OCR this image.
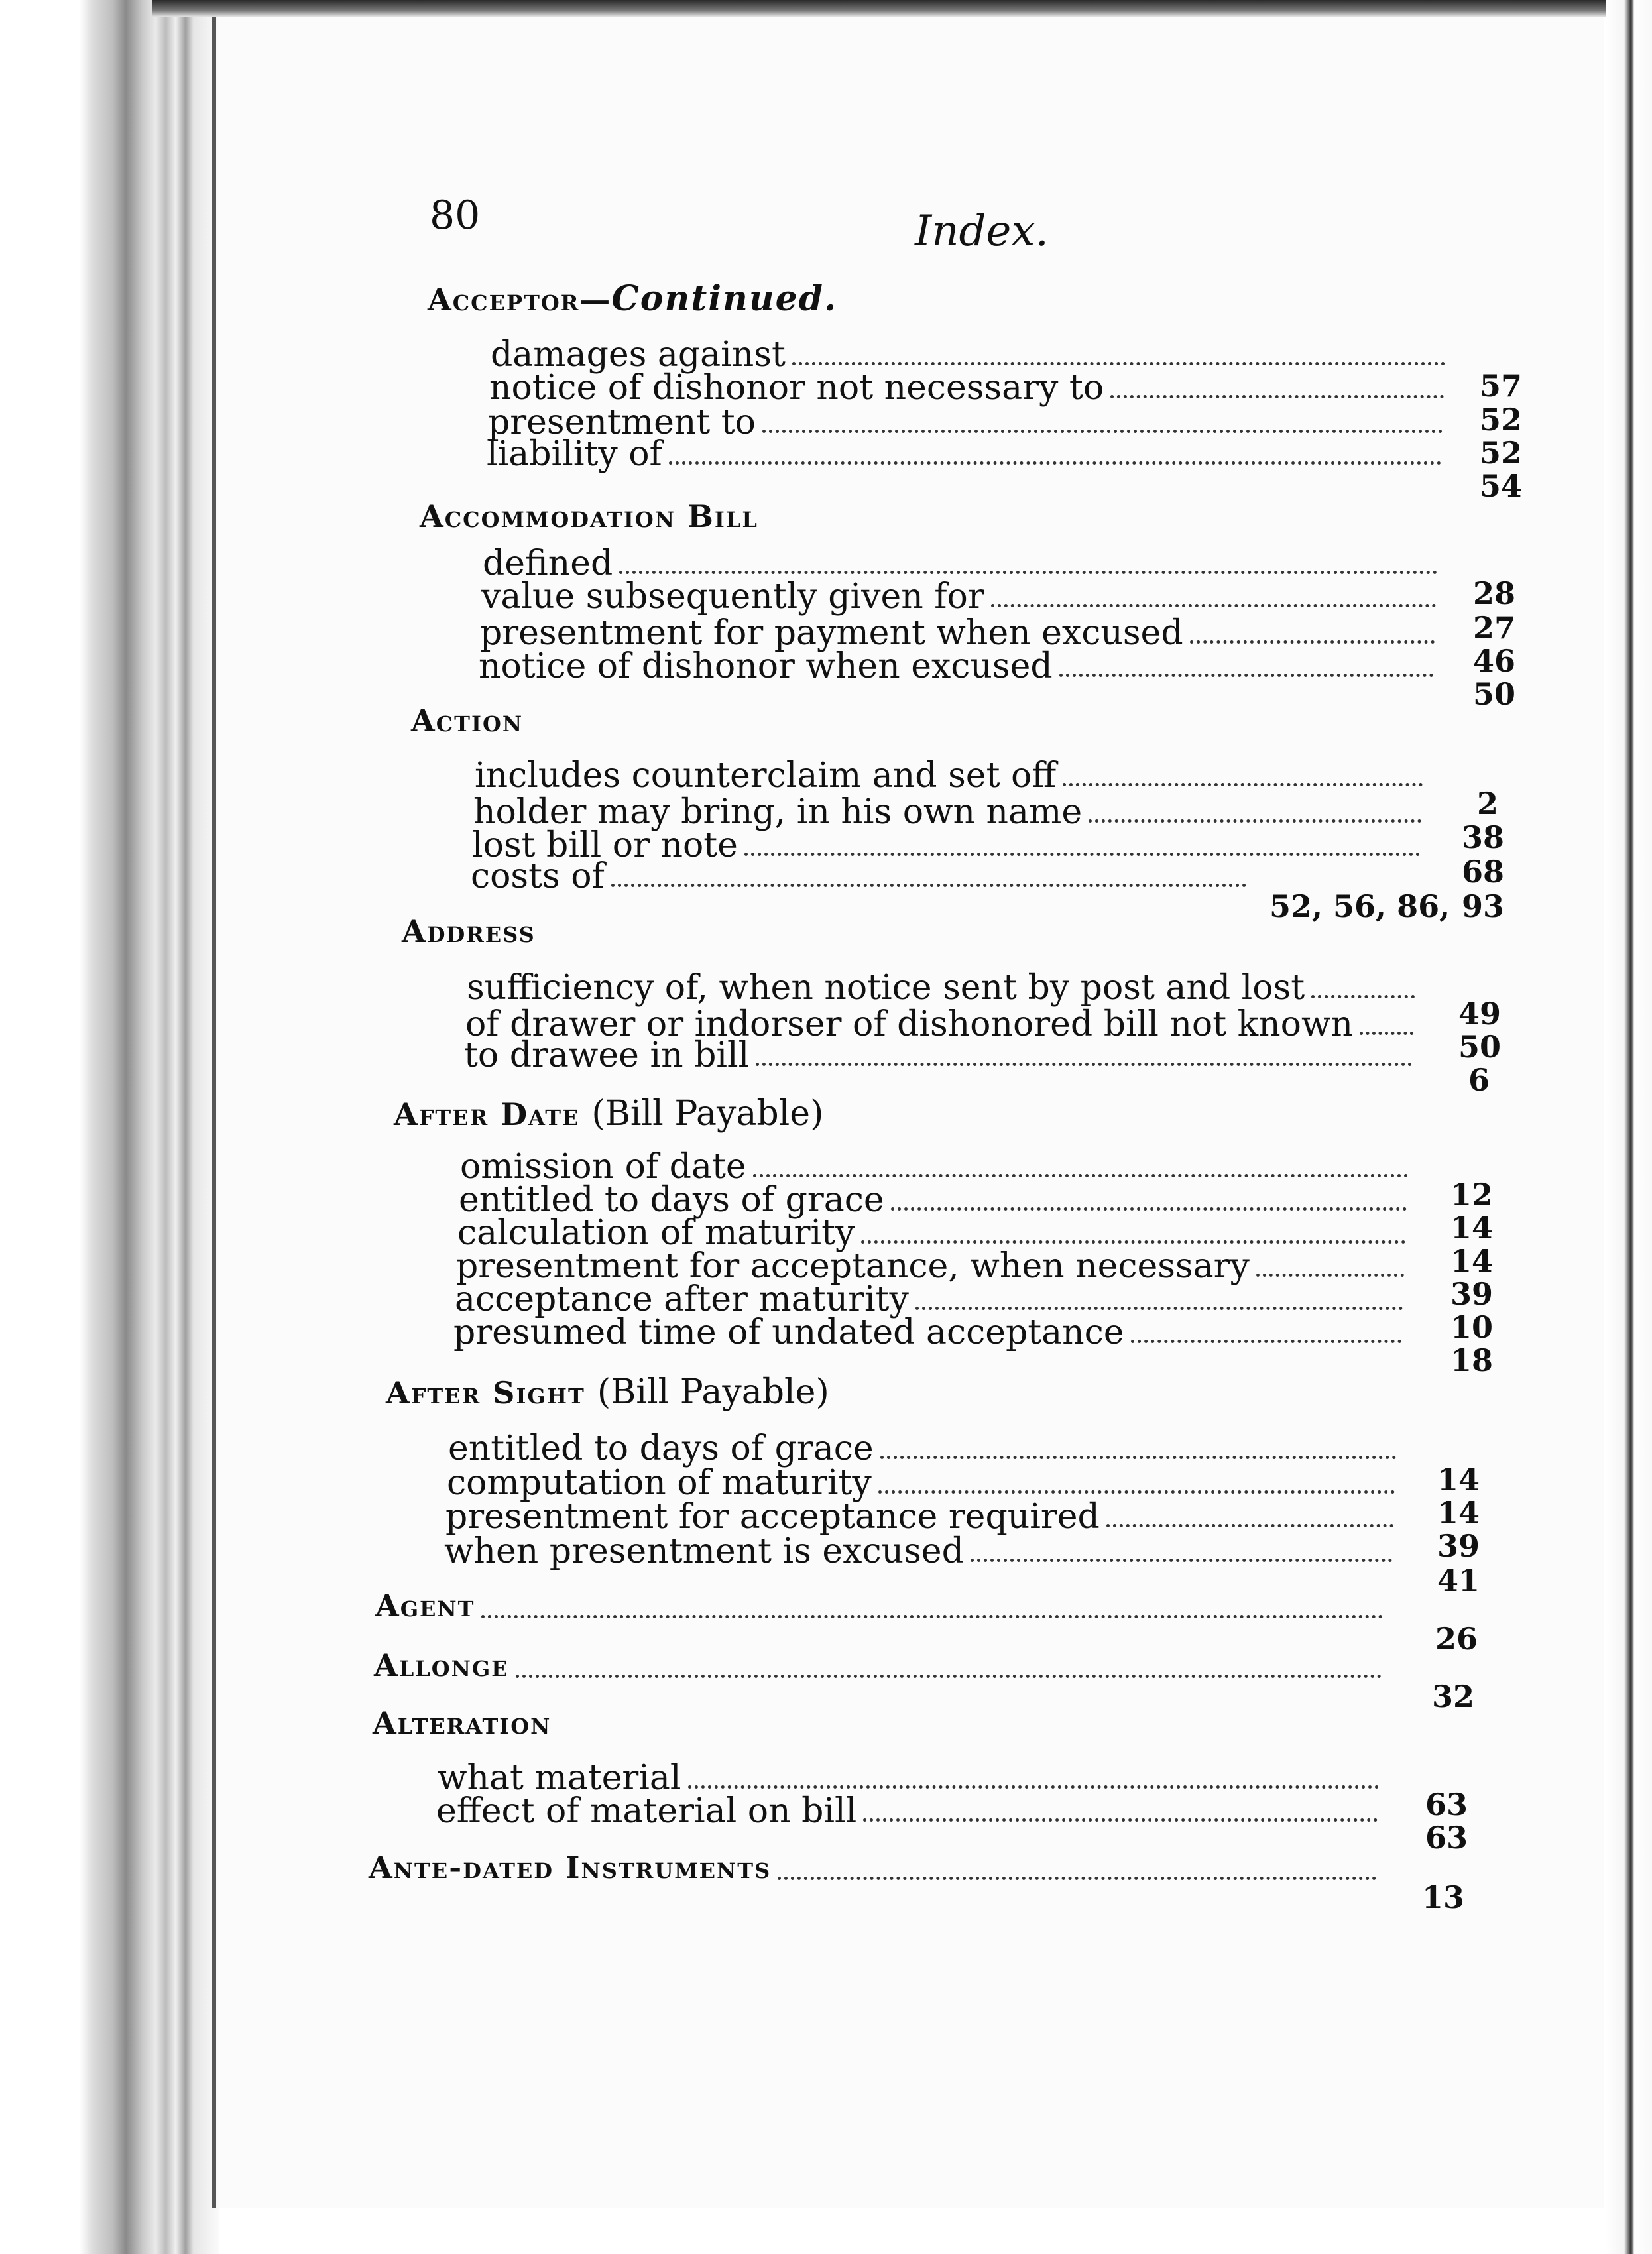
80	Index.
Acceptor—Continued.
damages against
notice of dishonor not necessary to
presentment to
liability of
57
52
52
54
Accommodation Bill
defined
value subsequently given for
presentment for payment when excused
notice of dishonor when excused
28
27
46
50
Action
includes counterclaim and set off
holder may bring, in his own name
lost bill or note
costs of
52, 56, 86,
2
38
68
93
Address
sufficiency of, when notice sent by post and lost
of drawer or indorser of dishonored bill not known
to drawee in bill
49
50
6
After Date (Bill Payable)
omission of date
entitled to days of grace
calculation of maturity
presentment for acceptance, when necessary
acceptance after maturity
presumed time of undated acceptance
12
14
14
39
10
18
After Sight (Bill Payable)
entitled to days of grace
computation of maturity
presentment for acceptance required
when presentment is excused
14
14
39
41
Agent
26
Allonge
32
Alteration
what material
effect of material on bill	63
63
Ante-dated Instruments
13
